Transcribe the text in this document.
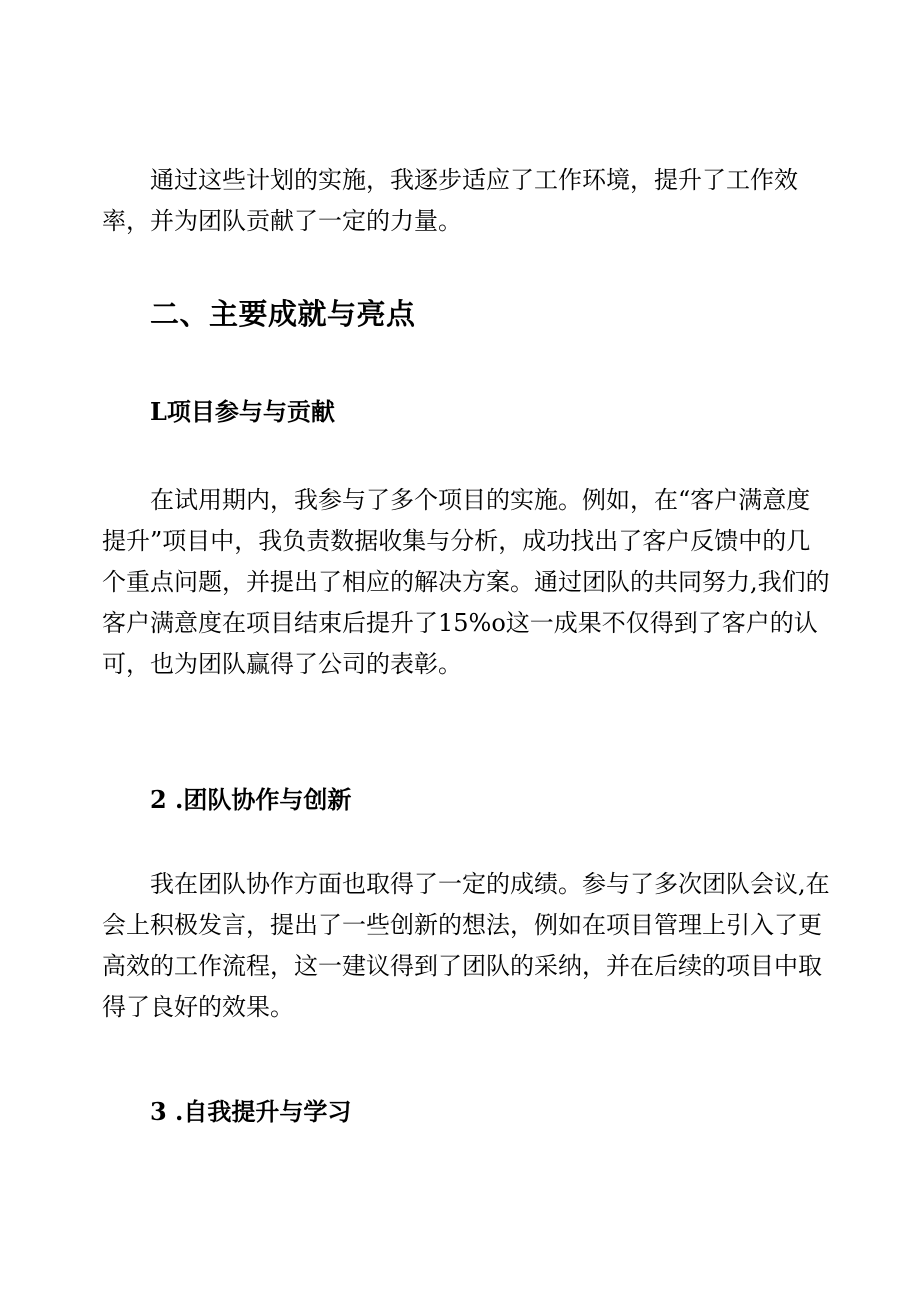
通过这些计划的实施，我逐步适应了工作环境，提升了工作效
率，并为团队贡献了一定的力量。
二、主要成就与亮点
L项目参与与贡献
在试用期内，我参与了多个项目的实施。例如，在“客户满意度
提升”项目中，我负责数据收集与分析，成功找出了客户反馈中的几
个重点问题，并提出了相应的解决方案。通过团队的共同努力,我们的
客户满意度在项目结束后提升了15%o这一成果不仅得到了客户的认
可，也为团队赢得了公司的表彰。
2 .团队协作与创新
我在团队协作方面也取得了一定的成绩。参与了多次团队会议,在
会上积极发言，提出了一些创新的想法，例如在项目管理上引入了更
高效的工作流程，这一建议得到了团队的采纳，并在后续的项目中取
得了良好的效果。
3 .自我提升与学习
